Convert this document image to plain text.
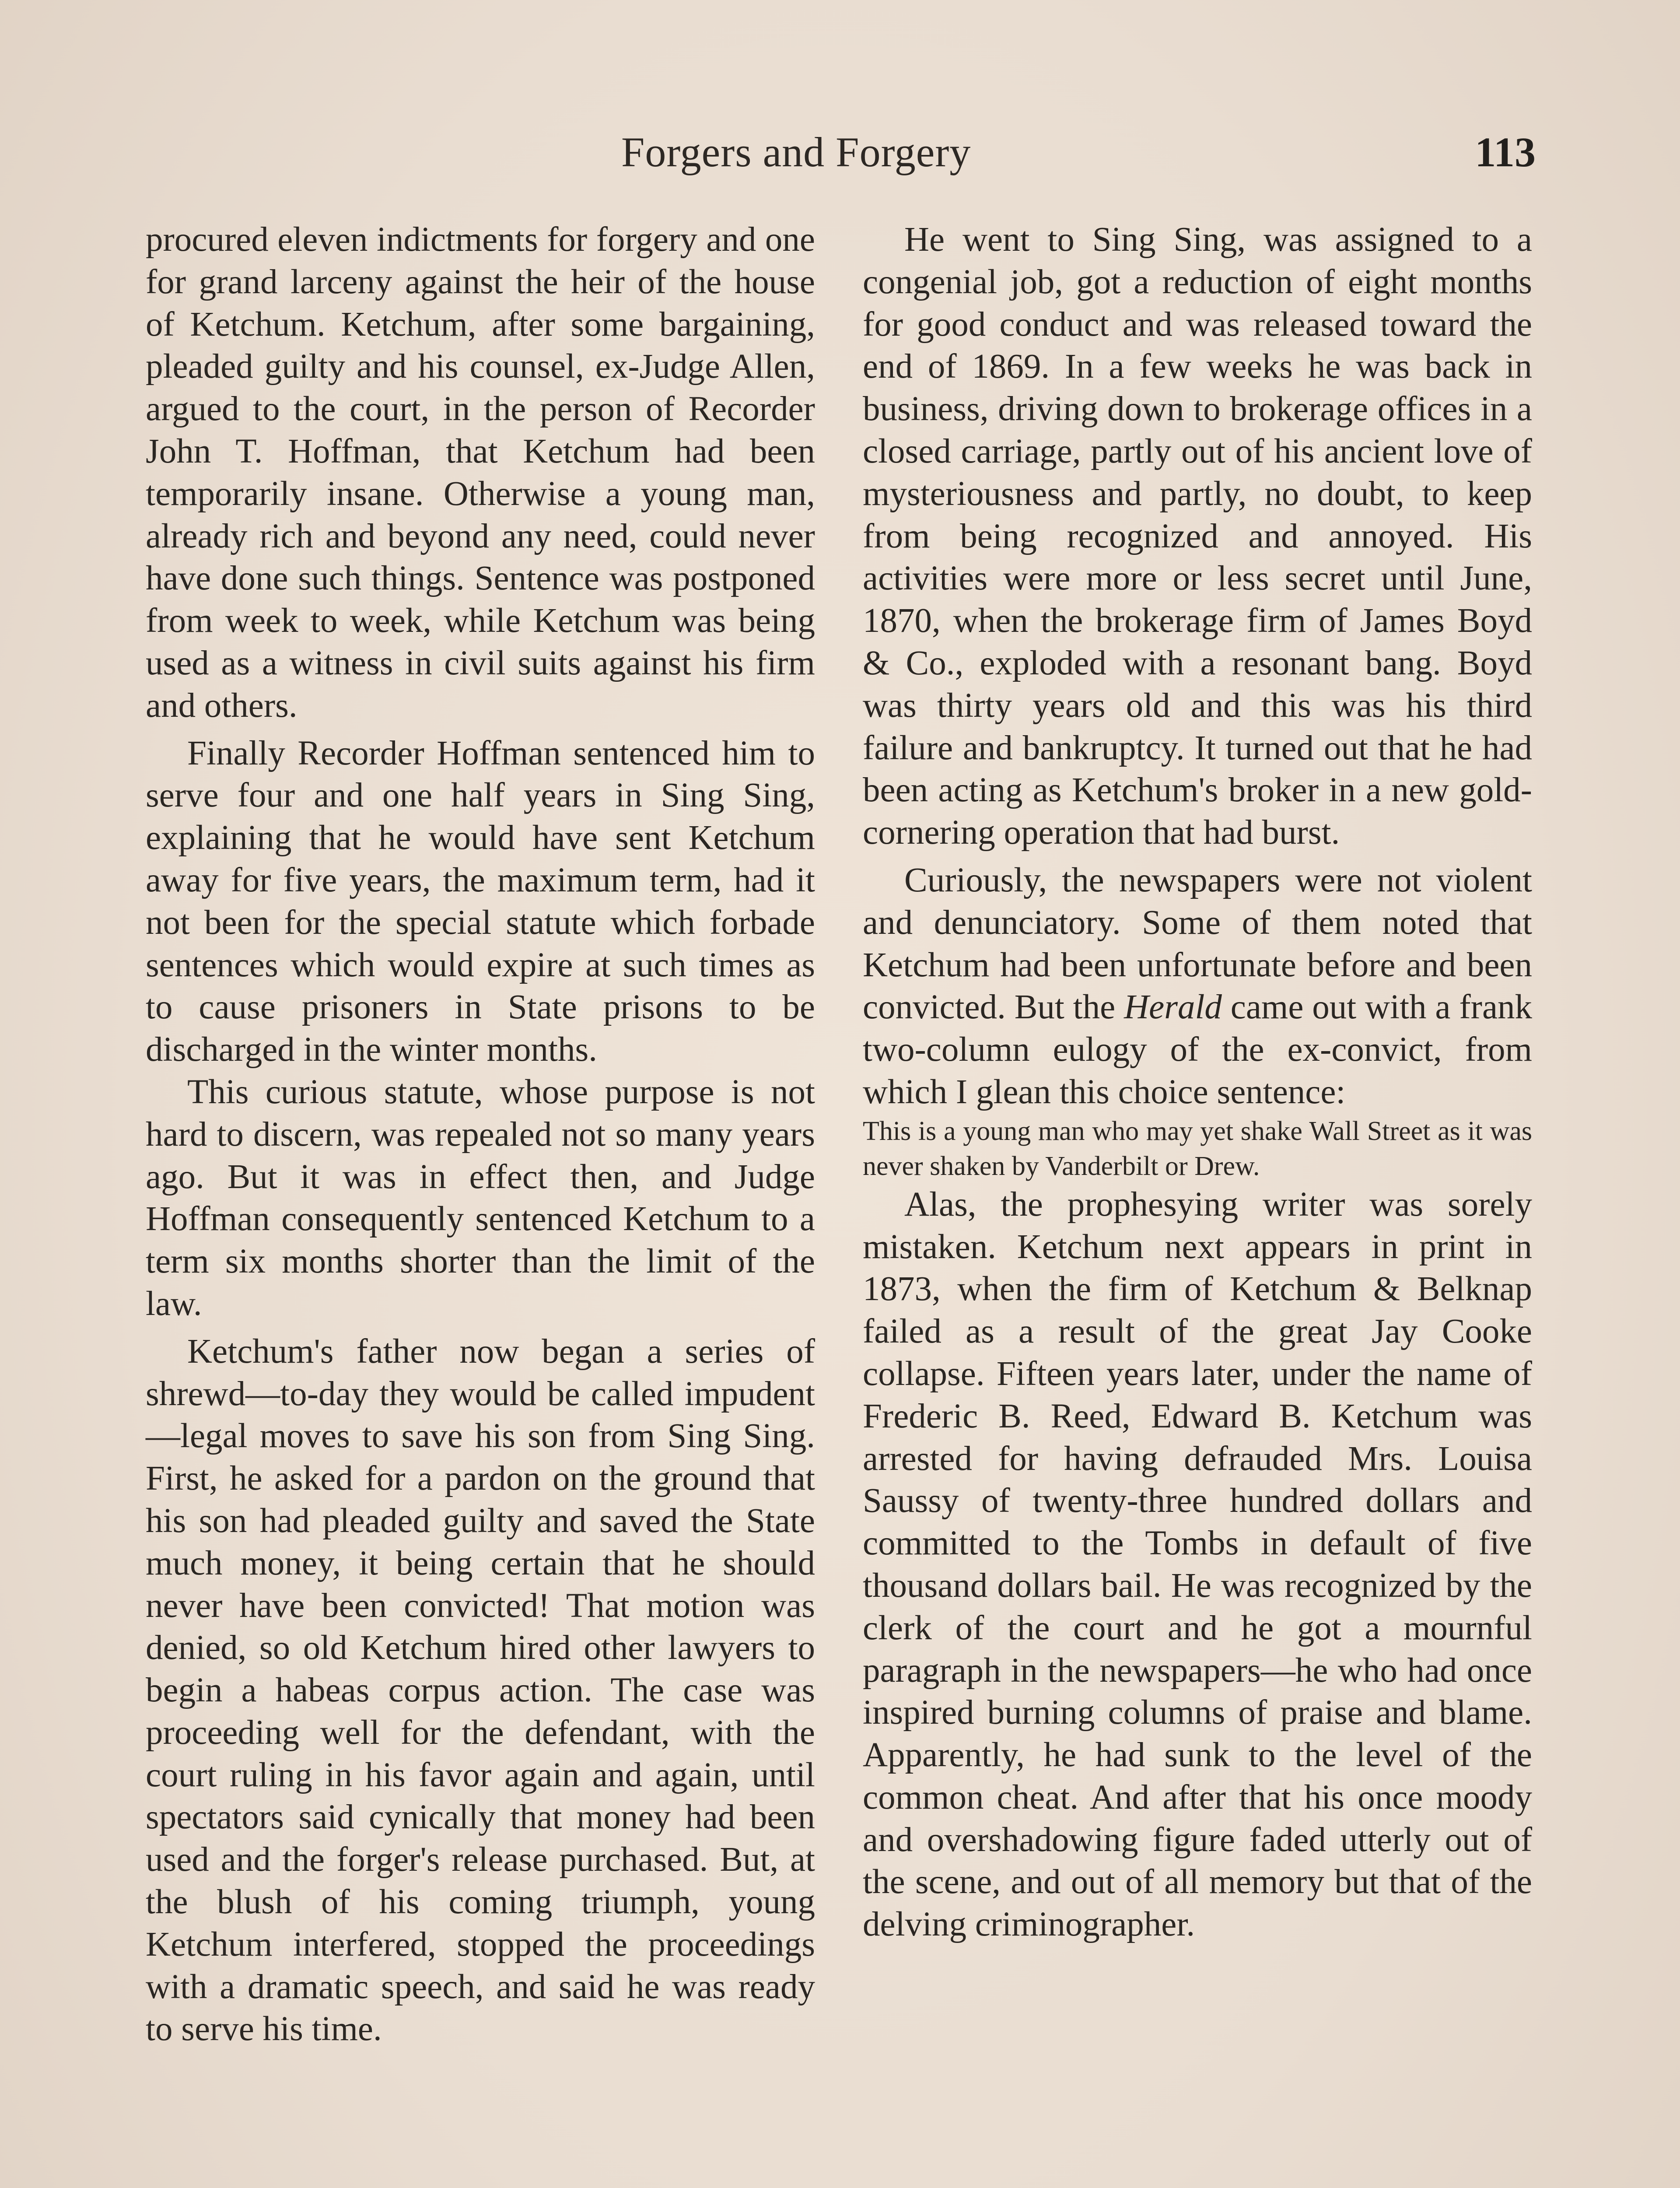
Forgers and Forgery	113

procured eleven indictments for forgery and one for grand larceny against the heir of the house of Ketchum. Ketchum, after some bargaining, pleaded guilty and his counsel, ex-Judge Allen, argued to the court, in the person of Recorder John T. Hoffman, that Ketchum had been temporarily insane. Otherwise a young man, already rich and beyond any need, could never have done such things. Sentence was postponed from week to week, while Ketchum was being used as a witness in civil suits against his firm and others.

Finally Recorder Hoffman sentenced him to serve four and one half years in Sing Sing, explaining that he would have sent Ketchum away for five years, the maximum term, had it not been for the special statute which forbade sentences which would expire at such times as to cause prisoners in State prisons to be discharged in the winter months.

This curious statute, whose purpose is not hard to discern, was repealed not so many years ago. But it was in effect then, and Judge Hoffman consequently sentenced Ketchum to a term six months shorter than the limit of the law.

Ketchum's father now began a series of shrewd—to-day they would be called impudent—legal moves to save his son from Sing Sing. First, he asked for a pardon on the ground that his son had pleaded guilty and saved the State much money, it being certain that he should never have been convicted! That motion was denied, so old Ketchum hired other lawyers to begin a habeas corpus action. The case was proceeding well for the defendant, with the court ruling in his favor again and again, until spectators said cynically that money had been used and the forger's release purchased. But, at the blush of his coming triumph, young Ketchum interfered, stopped the proceedings with a dramatic speech, and said he was ready to serve his time.

He went to Sing Sing, was assigned to a congenial job, got a reduction of eight months for good conduct and was released toward the end of 1869. In a few weeks he was back in business, driving down to brokerage offices in a closed carriage, partly out of his ancient love of mysteriousness and partly, no doubt, to keep from being recognized and annoyed. His activities were more or less secret until June, 1870, when the brokerage firm of James Boyd & Co., exploded with a resonant bang. Boyd was thirty years old and this was his third failure and bankruptcy. It turned out that he had been acting as Ketchum's broker in a new gold-cornering operation that had burst.

Curiously, the newspapers were not violent and denunciatory. Some of them noted that Ketchum had been unfortunate before and been convicted. But the Herald came out with a frank two-column eulogy of the ex-convict, from which I glean this choice sentence:

This is a young man who may yet shake Wall Street as it was never shaken by Vanderbilt or Drew.

Alas, the prophesying writer was sorely mistaken. Ketchum next appears in print in 1873, when the firm of Ketchum & Belknap failed as a result of the great Jay Cooke collapse. Fifteen years later, under the name of Frederic B. Reed, Edward B. Ketchum was arrested for having defrauded Mrs. Louisa Saussy of twenty-three hundred dollars and committed to the Tombs in default of five thousand dollars bail. He was recognized by the clerk of the court and he got a mournful paragraph in the newspapers—he who had once inspired burning columns of praise and blame. Apparently, he had sunk to the level of the common cheat. And after that his once moody and overshadowing figure faded utterly out of the scene, and out of all memory but that of the delving criminographer.
